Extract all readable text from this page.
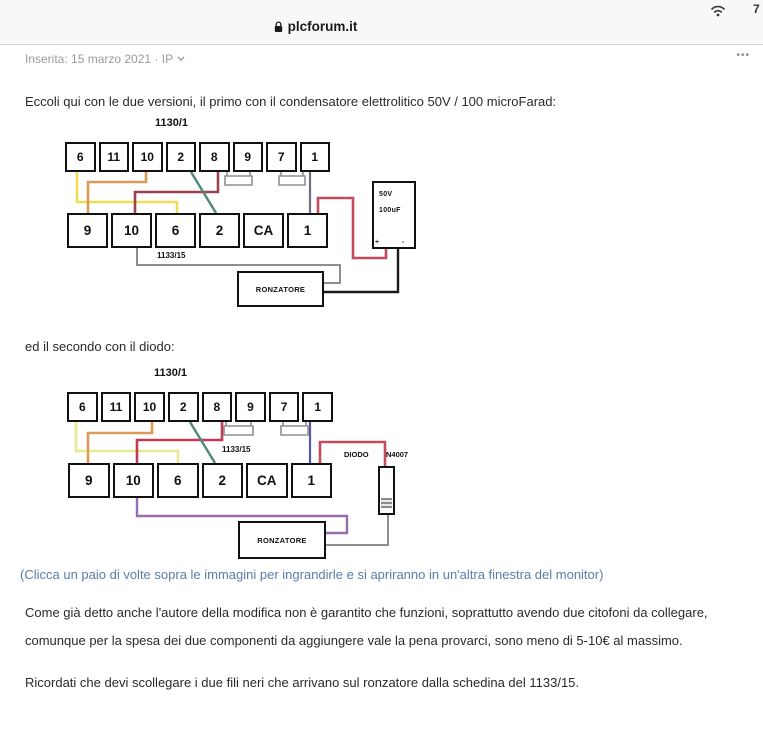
7
plcforum.it
Inserita: 15 marzo 2021 · IP	•••

Eccoli qui con le due versioni, il primo con il condensatore elettrolitico 50V / 100 microFarad:

1130/1
6	11	10	2	8	9	7	1
9	10	6	2	CA	1
1133/15
RONZATORE
50V
100uF
+	-

ed il secondo con il diodo:

1130/1
6	11	10	2	8	9	7	1
1133/15
9	10	6	2	CA	1
RONZATORE
DIODO N4007

(Clicca un paio di volte sopra le immagini per ingrandirle e si apriranno in un'altra finestra del monitor)

Come già detto anche l'autore della modifica non è garantito che funzioni, soprattutto avendo due citofoni da collegare, comunque per la spesa dei due componenti da aggiungere vale la pena provarci, sono meno di 5-10€ al massimo.

Ricordati che devi scollegare i due fili neri che arrivano sul ronzatore dalla schedina del 1133/15.
